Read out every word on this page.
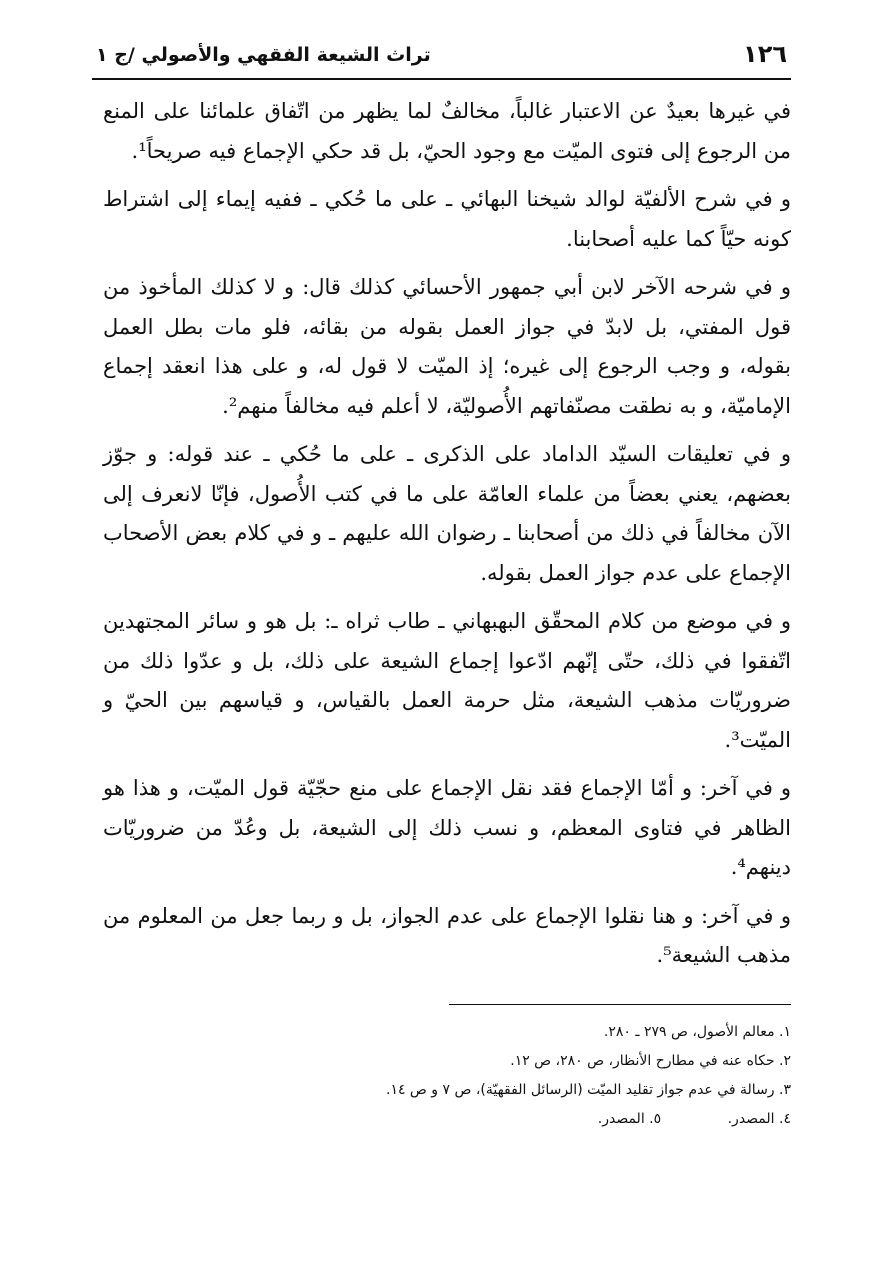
١٢٦
تراث الشيعة الفقهي والأصولي /ج ١

في غيرها بعيدٌ عن الاعتبار غالباً، مخالفٌ لما يظهر من اتّفاق علمائنا على المنع من الرجوع إلى فتوى الميّت مع وجود الحيّ، بل قد حكي الإجماع فيه صريحاً¹.

و في شرح الألفيّة لوالد شيخنا البهائي ـ على ما حُكي ـ ففيه إيماء إلى اشتراط كونه حيّاً كما عليه أصحابنا.

و في شرحه الآخر لابن أبي جمهور الأحسائي كذلك قال: و لا كذلك المأخوذ من قول المفتي، بل لابدّ في جواز العمل بقوله من بقائه، فلو مات بطل العمل بقوله، و وجب الرجوع إلى غيره؛ إذ الميّت لا قول له، و على هذا انعقد إجماع الإماميّة، و به نطقت مصنّفاتهم الأُصوليّة، لا أعلم فيه مخالفاً منهم².

و في تعليقات السيّد الداماد على الذكرى ـ على ما حُكي ـ عند قوله: و جوّز بعضهم، يعني بعضاً من علماء العامّة على ما في كتب الأُصول، فإنّا لانعرف إلى الآن مخالفاً في ذلك من أصحابنا ـ رضوان الله عليهم ـ و في كلام بعض الأصحاب الإجماع على عدم جواز العمل بقوله.

و في موضع من كلام المحقّق البهبهاني ـ طاب ثراه ـ: بل هو و سائر المجتهدين اتّفقوا في ذلك، حتّى إنّهم ادّعوا إجماع الشيعة على ذلك، بل و عدّوا ذلك من ضروريّات مذهب الشيعة، مثل حرمة العمل بالقياس، و قياسهم بين الحيّ و الميّت³.

و في آخر: و أمّا الإجماع فقد نقل الإجماع على منع حجّيّة قول الميّت، و هذا هو الظاهر في فتاوى المعظم، و نسب ذلك إلى الشيعة، بل وعُدّ من ضروريّات دينهم⁴.

و في آخر: و هنا نقلوا الإجماع على عدم الجواز، بل و ربما جعل من المعلوم من مذهب الشيعة⁵.

١. معالم الأصول، ص ٢٧٩ ـ ٢٨٠.
٢. حكاه عنه في مطارح الأنظار، ص ٢٨٠، ص ١٢.
٣. رسالة في عدم جواز تقليد الميّت (الرسائل الفقهيّة)، ص ٧ و ص ١٤.
٤. المصدر. ٥. المصدر.
